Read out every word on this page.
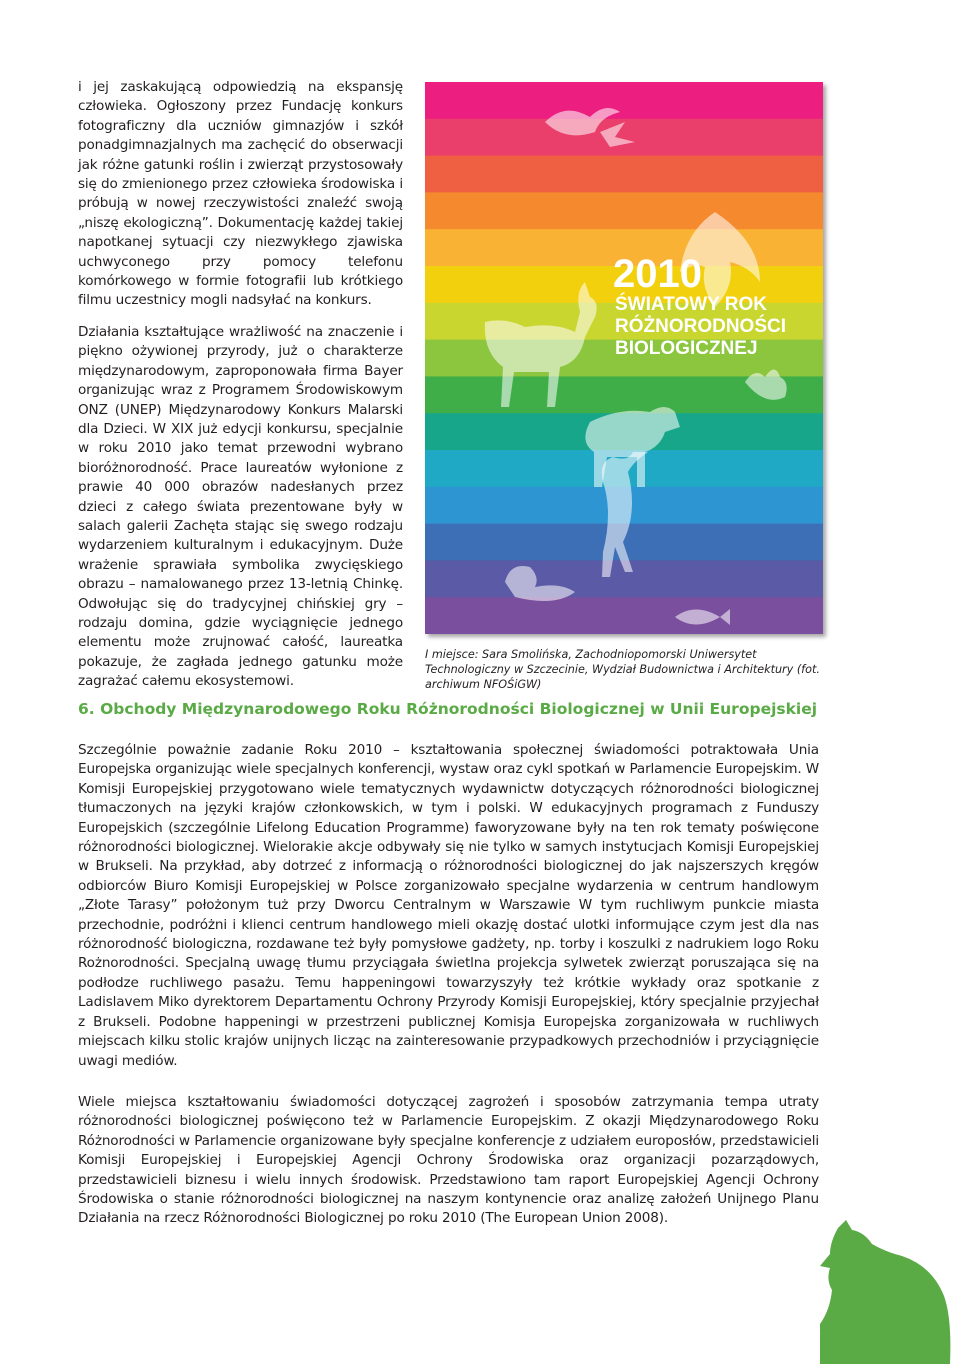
i jej zaskakującą odpowiedzią na ekspansję człowieka. Ogłoszony przez Fundację konkurs fotograficzny dla uczniów gimnazjów i szkół ponadgimnazjalnych ma zachęcić do obserwacji jak różne gatunki roślin i zwierząt przystosowały się do zmienionego przez człowieka środowiska i próbują w nowej rzeczywistości znaleźć swoją „niszę ekologiczną”. Dokumentację każdej takiej napotkanej sytuacji czy niezwykłego zjawiska uchwyconego przy pomocy telefonu komórkowego w formie fotografii lub krótkiego filmu uczestnicy mogli nadsyłać na konkurs.

Działania kształtujące wrażliwość na znaczenie i piękno ożywionej przyrody, już o charakterze międzynarodowym, zaproponowała firma Bayer organizując wraz z Programem Środowiskowym ONZ (UNEP) Międzynarodowy Konkurs Malarski dla Dzieci. W XIX już edycji konkursu, specjalnie w roku 2010 jako temat przewodni wybrano bioróżnorodność. Prace laureatów wyłonione z prawie 40 000 obrazów nadesłanych przez dzieci z całego świata prezentowane były w salach galerii Zachęta stając się swego rodzaju wydarzeniem kulturalnym i edukacyjnym. Duże wrażenie sprawiała symbolika zwycięskiego obrazu – namalowanego przez 13-letnią Chinkę. Odwołując się do tradycyjnej chińskiej gry – rodzaju domina, gdzie wyciągnięcie jednego elementu może zrujnować całość, laureatka pokazuje, że zagłada jednego gatunku może zagrażać całemu ekosystemowi.

2010
ŚWIATOWY ROK
RÓŻNORODNOŚCI
BIOLOGICZNEJ
I miejsce: Sara Smolińska, Zachodniopomorski Uniwersytet Technologiczny w Szczecinie, Wydział Budownictwa i Architektury (fot. archiwum NFOŚiGW)
6. Obchody Międzynarodowego Roku Różnorodności Biologicznej w Unii Europejskiej

Szczególnie poważnie zadanie Roku 2010 – kształtowania społecznej świadomości potraktowała Unia Europejska organizując wiele specjalnych konferencji, wystaw oraz cykl spotkań w Parlamencie Europejskim. W Komisji Europejskiej przygotowano wiele tematycznych wydawnictw dotyczących różnorodności biologicznej tłumaczonych na języki krajów członkowskich, w tym i polski. W edukacyjnych programach z Funduszy Europejskich (szczególnie Lifelong Education Programme) faworyzowane były na ten rok tematy poświęcone różnorodności biologicznej. Wielorakie akcje odbywały się nie tylko w samych instytucjach Komisji Europejskiej w Brukseli. Na przykład, aby dotrzeć z informacją o różnorodności biologicznej do jak najszerszych kręgów odbiorców Biuro Komisji Europejskiej w Polsce zorganizowało specjalne wydarzenia w centrum handlowym „Złote Tarasy” położonym tuż przy Dworcu Centralnym w Warszawie W tym ruchliwym punkcie miasta przechodnie, podróżni i klienci centrum handlowego mieli okazję dostać ulotki informujące czym jest dla nas różnorodność biologiczna, rozdawane też były pomysłowe gadżety, np. torby i koszulki z nadrukiem logo Roku Rożnorodności. Specjalną uwagę tłumu przyciągała świetlna projekcja sylwetek zwierząt poruszająca się na podłodze ruchliwego pasażu. Temu happeningowi towarzyszyły też krótkie wykłady oraz spotkanie z Ladislavem Miko dyrektorem Departamentu Ochrony Przyrody Komisji Europejskiej, który specjalnie przyjechał z Brukseli. Podobne happeningi w przestrzeni publicznej Komisja Europejska zorganizowała w ruchliwych miejscach kilku stolic krajów unijnych licząc na zainteresowanie przypadkowych przechodniów i przyciągnięcie uwagi mediów.

Wiele miejsca kształtowaniu świadomości dotyczącej zagrożeń i sposobów zatrzymania tempa utraty różnorodności biologicznej poświęcono też w Parlamencie Europejskim. Z okazji Międzynarodowego Roku Różnorodności w Parlamencie organizowane były specjalne konferencje z udziałem europosłów, przedstawicieli Komisji Europejskiej i Europejskiej Agencji Ochrony Środowiska oraz organizacji pozarządowych, przedstawicieli biznesu i wielu innych środowisk. Przedstawiono tam raport Europejskiej Agencji Ochrony Środowiska o stanie różnorodności biologicznej na naszym kontynencie oraz analizę założeń Unijnego Planu Działania na rzecz Różnorodności Biologicznej po roku 2010 (The European Union 2008).

19
